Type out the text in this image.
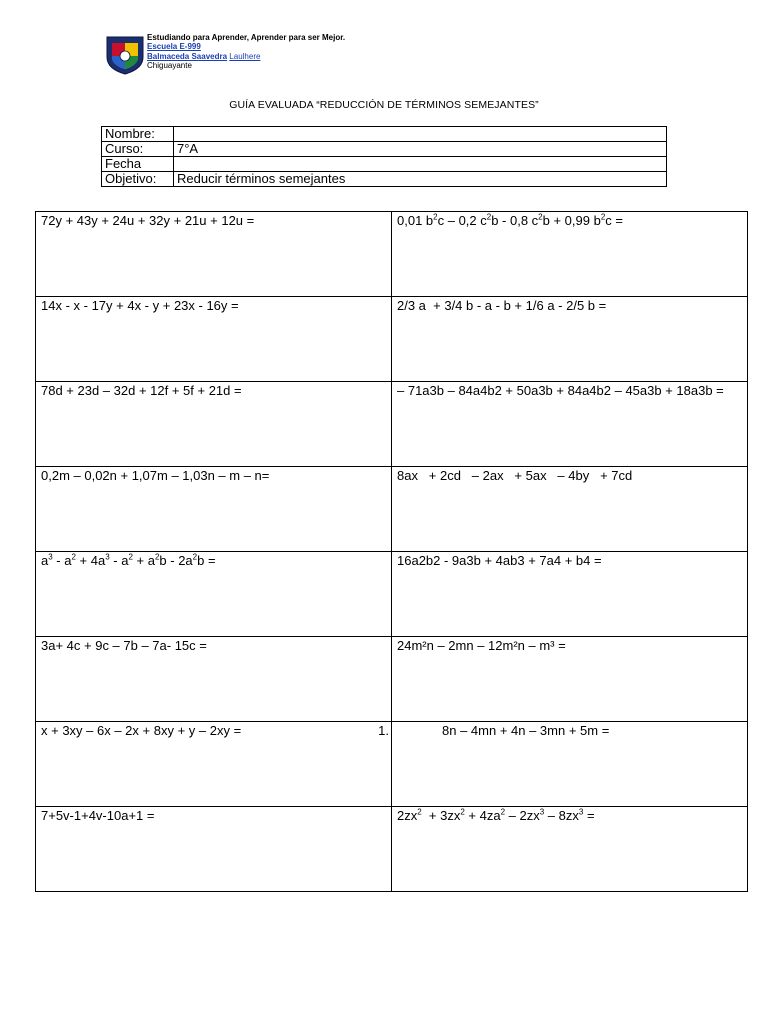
Estudiando para Aprender, Aprender para ser Mejor.
Escuela E-999
Balmaceda Saavedra Laulhere
Chiguayante
GUÍA EVALUADA “REDUCCIÓN DE TÉRMINOS SEMEJANTES”
Nombre:	
Curso:	7°A
Fecha	
Objetivo:	Reducir términos semejantes
72y + 43y + 24u + 32y + 21u + 12u =	0,01 $b^2c - 0,2$ $c^2b - 0,8$ $c^2b + 0,99$ $b^2c$ =
14x - x - 17y + 4x - y + 23x - 16y =	2/3 a  + 3/4 b - a - b + 1/6 a - 2/5 b =
78d + 23d – 32d + 12f + 5f + 21d =	– 71a3b – 84a4b2 + 50a3b + 84a4b2 – 45a3b + 18a3b =
0,2m – 0,02n + 1,07m – 1,03n – m – n=	8ax   + 2cd   – 2ax   + 5ax   – 4by   + 7cd
$a^3 - a^2 + 4a^3 - a^2 + a^2b - 2a^2b$ =	16a2b2 - 9a3b + 4ab3 + 7a4 + b4 =
3a+ 4c + 9c – 7b – 7a- 15c =	24m²n – 2mn – 12m²n – m³ =
x + 3xy – 6x – 2x + 8xy + y – 2xy = 1.	8n – 4mn + 4n – 3mn + 5m =
7+5v-1+4v-10a+1 =	$2zx^2 + 3zx^2 + 4za^2 - 2zx^3 - 8zx^3$ =
